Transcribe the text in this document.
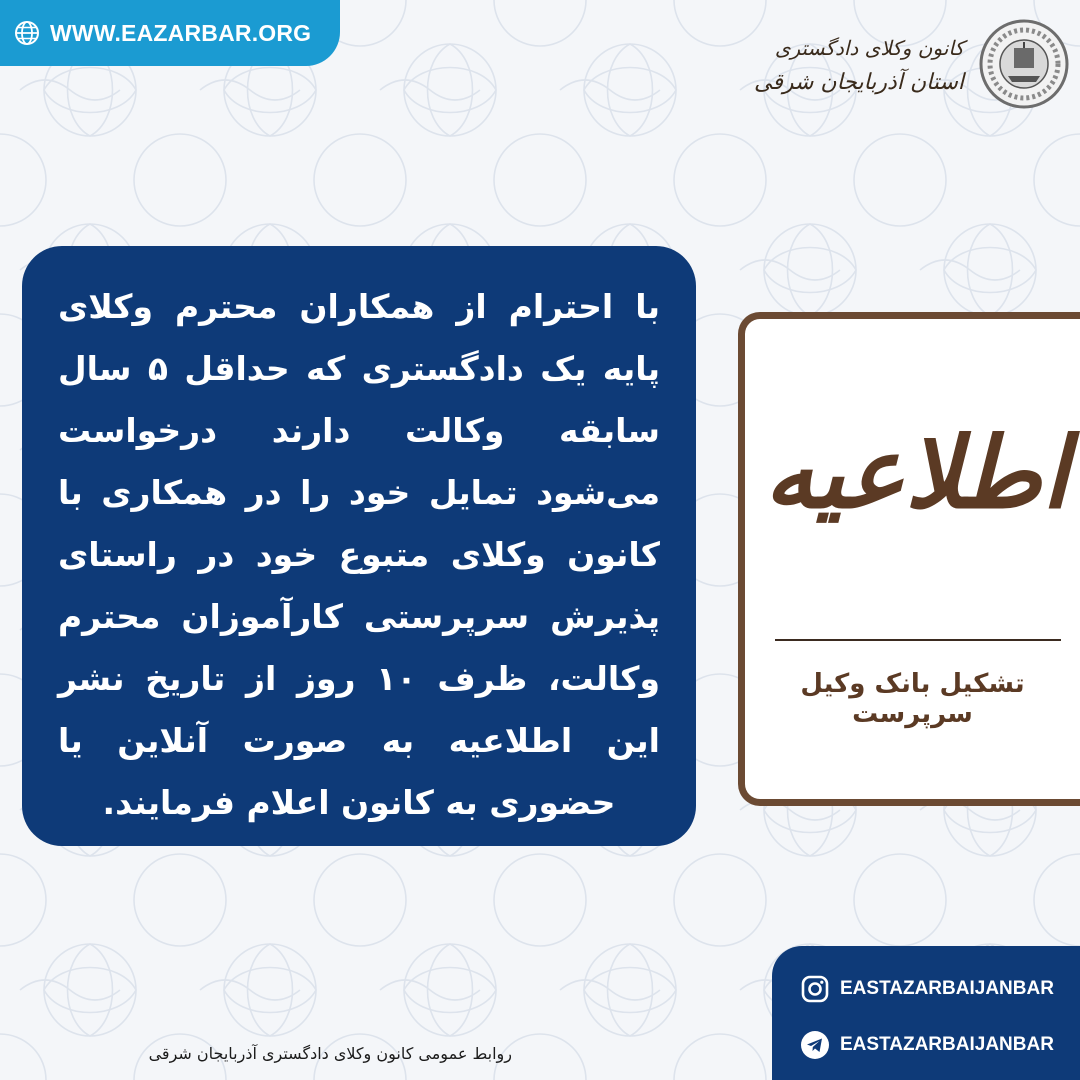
WWW.EAZARBAR.ORG
کانون وکلای دادگستری
استان آذربایجان شرقی

با احترام از همکاران محترم وکلای پایه یک دادگستری که حداقل ۵ سال سابقه وکالت دارند درخواست می‌شود تمایل خود را در همکاری با کانون وکلای متبوع خود در راستای پذیرش سرپرستی کارآموزان محترم وکالت، ظرف ۱۰ روز از تاریخ نشر این اطلاعیه به صورت آنلاین یا حضوری به کانون اعلام فرمایند.

اطلاعیه
تشکیل بانک وکیل سرپرست
EASTAZARBAIJANBAR
EASTAZARBAIJANBAR
روابط عمومی کانون وکلای دادگستری آذربایجان شرقی
